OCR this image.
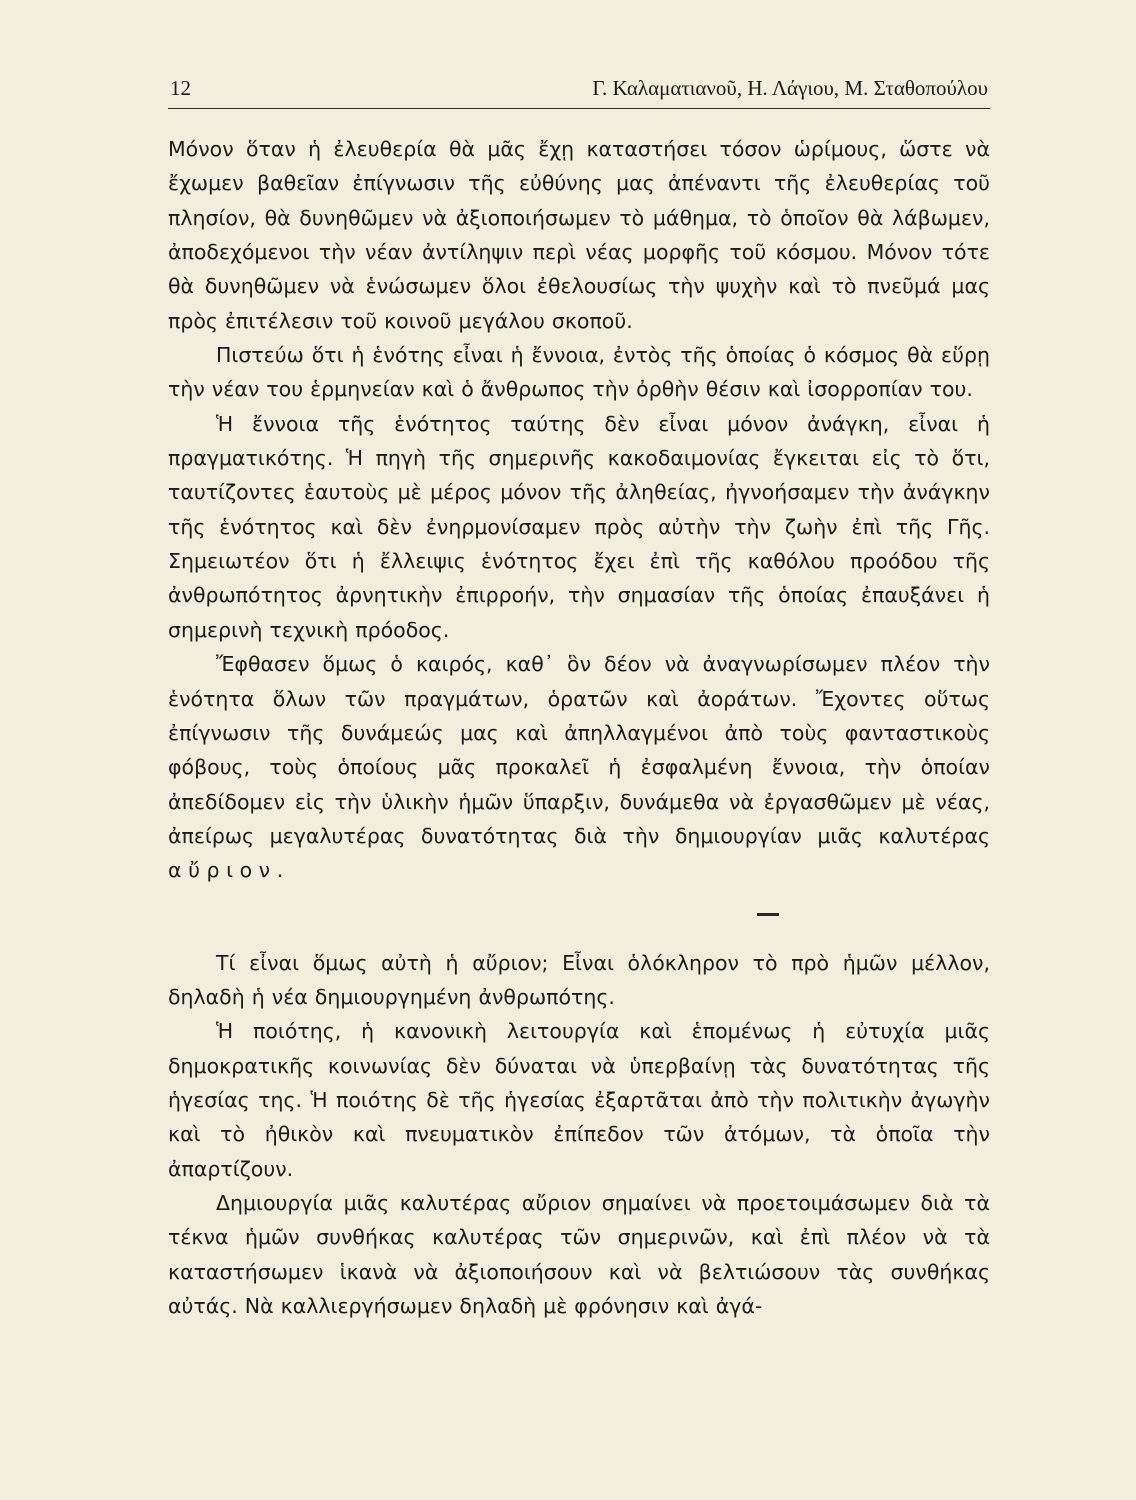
12	Γ. Καλαματιανοῦ, Η. Λάγιου, Μ. Σταθοπούλου

Μόνον ὅταν ἡ ἐλευθερία θὰ μᾶς ἔχῃ καταστήσει τόσον ὡρίμους, ὥστε νὰ ἔχωμεν βαθεῖαν ἐπίγνωσιν τῆς εὐθύνης μας ἀπέναντι τῆς ἐλευθερίας τοῦ πλησίον, θὰ δυνηθῶμεν νὰ ἀξιοποιήσωμεν τὸ μάθημα, τὸ ὁποῖον θὰ λάβωμεν, ἀποδεχόμενοι τὴν νέαν ἀντίληψιν περὶ νέας μορφῆς τοῦ κόσμου. Μόνον τότε θὰ δυνηθῶμεν νὰ ἑνώσωμεν ὅλοι ἐθελουσίως τὴν ψυχὴν καὶ τὸ πνεῦμά μας πρὸς ἐπιτέλεσιν τοῦ κοινοῦ μεγάλου σκοποῦ.

Πιστεύω ὅτι ἡ ἑνότης εἶναι ἡ ἔννοια, ἐντὸς τῆς ὁποίας ὁ κόσμος θὰ εὕρῃ τὴν νέαν του ἑρμηνείαν καὶ ὁ ἄνθρωπος τὴν ὀρθὴν θέσιν καὶ ἰσορροπίαν του.

Ἡ ἔννοια τῆς ἑνότητος ταύτης δὲν εἶναι μόνον ἀνάγκη, εἶναι ἡ πραγματικότης. Ἡ πηγὴ τῆς σημερινῆς κακοδαιμονίας ἔγκειται εἰς τὸ ὅτι, ταυτίζοντες ἑαυτοὺς μὲ μέρος μόνον τῆς ἀληθείας, ἠγνοήσαμεν τὴν ἀνάγκην τῆς ἑνότητος καὶ δὲν ἐνηρμονίσαμεν πρὸς αὐτὴν τὴν ζωὴν ἐπὶ τῆς Γῆς. Σημειωτέον ὅτι ἡ ἔλλειψις ἑνότητος ἔχει ἐπὶ τῆς καθόλου προόδου τῆς ἀνθρωπότητος ἀρνητικὴν ἐπιρροήν, τὴν σημασίαν τῆς ὁποίας ἐπαυξάνει ἡ σημερινὴ τεχνικὴ πρόοδος.

Ἔφθασεν ὅμως ὁ καιρός, καθ᾿ ὃν δέον νὰ ἀναγνωρίσωμεν πλέον τὴν ἑνότητα ὅλων τῶν πραγμάτων, ὁρατῶν καὶ ἀοράτων. Ἔχοντες οὕτως ἐπίγνωσιν τῆς δυνάμεώς μας καὶ ἀπηλλαγμένοι ἀπὸ τοὺς φανταστικοὺς φόβους, τοὺς ὁποίους μᾶς προκαλεῖ ἡ ἐσφαλμένη ἔννοια, τὴν ὁποίαν ἀπεδίδομεν εἰς τὴν ὑλικὴν ἡμῶν ὕπαρξιν, δυνάμεθα νὰ ἐργασθῶμεν μὲ νέας, ἀπείρως μεγαλυτέρας δυνατότητας διὰ τὴν δημιουργίαν μιᾶς καλυτέρας αὔριον.

Τί εἶναι ὅμως αὐτὴ ἡ αὔριον; Εἶναι ὁλόκληρον τὸ πρὸ ἡμῶν μέλλον, δηλαδὴ ἡ νέα δημιουργημένη ἀνθρωπότης.

Ἡ ποιότης, ἡ κανονικὴ λειτουργία καὶ ἑπομένως ἡ εὐτυχία μιᾶς δημοκρατικῆς κοινωνίας δὲν δύναται νὰ ὑπερβαίνῃ τὰς δυνατότητας τῆς ἡγεσίας της. Ἡ ποιότης δὲ τῆς ἡγεσίας ἐξαρτᾶται ἀπὸ τὴν πολιτικὴν ἀγωγὴν καὶ τὸ ἠθικὸν καὶ πνευματικὸν ἐπίπεδον τῶν ἀτόμων, τὰ ὁποῖα τὴν ἀπαρτίζουν.

Δημιουργία μιᾶς καλυτέρας αὔριον σημαίνει νὰ προετοιμάσωμεν διὰ τὰ τέκνα ἡμῶν συνθήκας καλυτέρας τῶν σημερινῶν, καὶ ἐπὶ πλέον νὰ τὰ καταστήσωμεν ἱκανὰ νὰ ἀξιοποιήσουν καὶ νὰ βελτιώσουν τὰς συνθήκας αὐτάς. Νὰ καλλιεργήσωμεν δηλαδὴ μὲ φρόνησιν καὶ ἀγά-
